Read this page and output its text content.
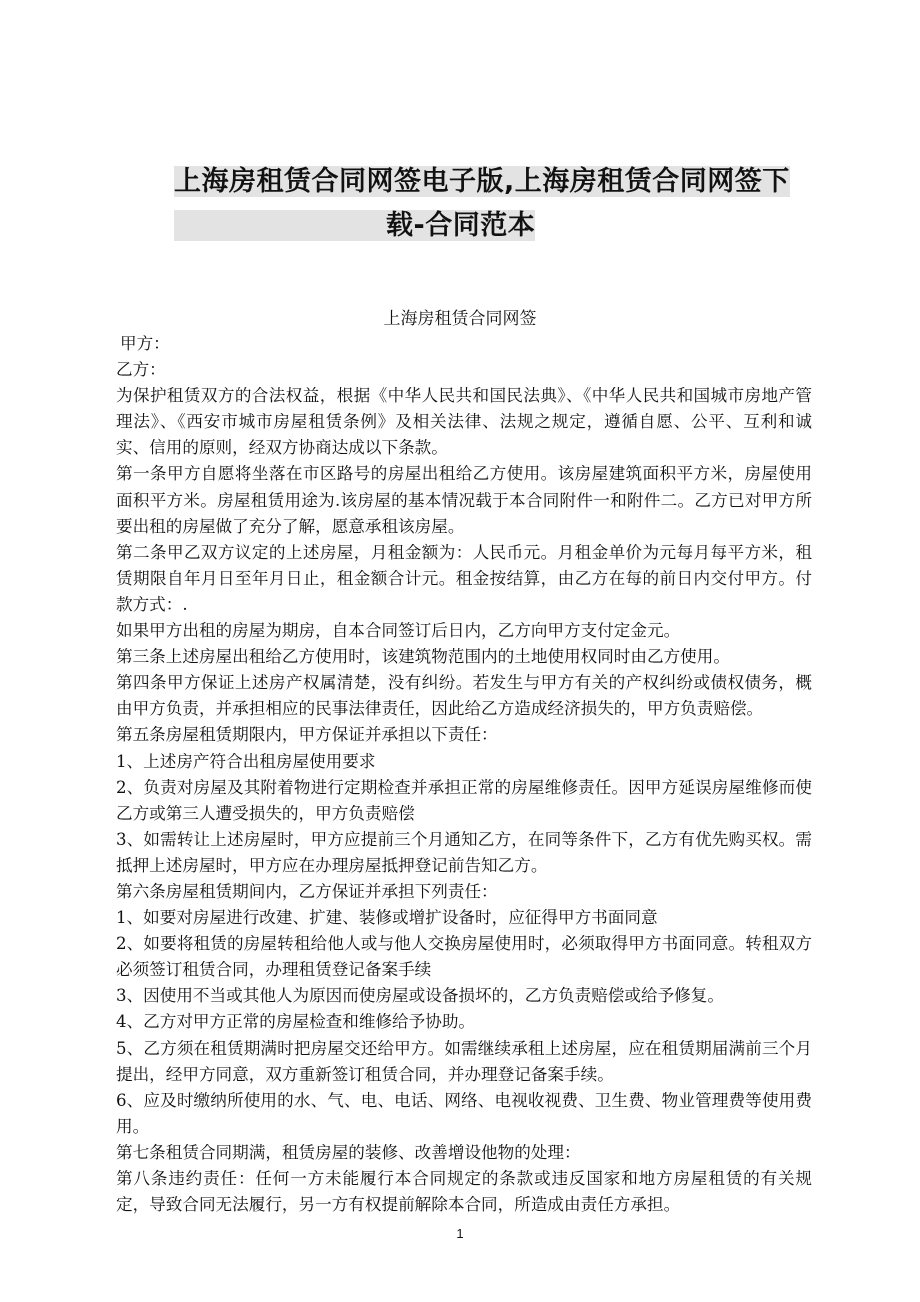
上海房租赁合同网签电子版,上海房租赁合同网签下载-合同范本

上海房租赁合同网签

甲方：

乙方：

为保护租赁双方的合法权益，根据《中华人民共和国民法典》、《中华人民共和国城市房地产管理法》、《西安市城市房屋租赁条例》及相关法律、法规之规定，遵循自愿、公平、互利和诚实、信用的原则，经双方协商达成以下条款。

第一条甲方自愿将坐落在市区路号的房屋出租给乙方使用。该房屋建筑面积平方米，房屋使用面积平方米。房屋租赁用途为.该房屋的基本情况载于本合同附件一和附件二。乙方已对甲方所要出租的房屋做了充分了解，愿意承租该房屋。

第二条甲乙双方议定的上述房屋，月租金额为：人民币元。月租金单价为元每月每平方米，租赁期限自年月日至年月日止，租金额合计元。租金按结算，由乙方在每的前日内交付甲方。付款方式：.

如果甲方出租的房屋为期房，自本合同签订后日内，乙方向甲方支付定金元。

第三条上述房屋出租给乙方使用时，该建筑物范围内的土地使用权同时由乙方使用。

第四条甲方保证上述房产权属清楚，没有纠纷。若发生与甲方有关的产权纠纷或债权债务，概由甲方负责，并承担相应的民事法律责任，因此给乙方造成经济损失的，甲方负责赔偿。

第五条房屋租赁期限内，甲方保证并承担以下责任：

1、上述房产符合出租房屋使用要求

2、负责对房屋及其附着物进行定期检查并承担正常的房屋维修责任。因甲方延误房屋维修而使乙方或第三人遭受损失的，甲方负责赔偿

3、如需转让上述房屋时，甲方应提前三个月通知乙方，在同等条件下，乙方有优先购买权。需抵押上述房屋时，甲方应在办理房屋抵押登记前告知乙方。

第六条房屋租赁期间内，乙方保证并承担下列责任：

1、如要对房屋进行改建、扩建、装修或增扩设备时，应征得甲方书面同意

2、如要将租赁的房屋转租给他人或与他人交换房屋使用时，必须取得甲方书面同意。转租双方必须签订租赁合同，办理租赁登记备案手续

3、因使用不当或其他人为原因而使房屋或设备损坏的，乙方负责赔偿或给予修复。

4、乙方对甲方正常的房屋检查和维修给予协助。

5、乙方须在租赁期满时把房屋交还给甲方。如需继续承租上述房屋，应在租赁期届满前三个月提出，经甲方同意，双方重新签订租赁合同，并办理登记备案手续。

6、应及时缴纳所使用的水、气、电、电话、网络、电视收视费、卫生费、物业管理费等使用费用。

第七条租赁合同期满，租赁房屋的装修、改善增设他物的处理：

第八条违约责任：任何一方未能履行本合同规定的条款或违反国家和地方房屋租赁的有关规定，导致合同无法履行，另一方有权提前解除本合同，所造成由责任方承担。

1
